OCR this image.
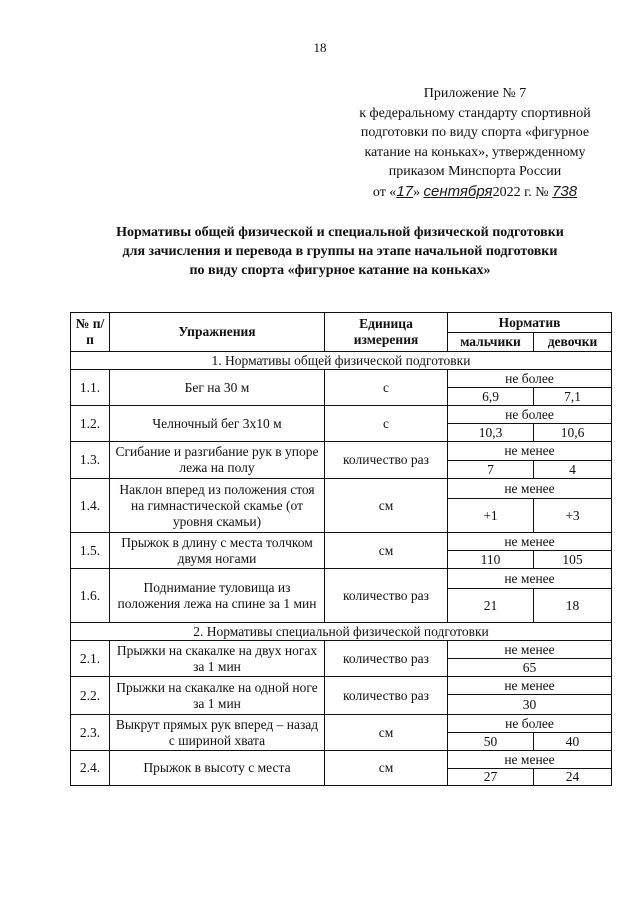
18
Приложение № 7
к федеральному стандарту спортивной
подготовки по виду спорта «фигурное
катание на коньках», утвержденному
приказом Минспорта России
от «17» сентября2022 г. № 738
Нормативы общей физической и специальной физической подготовки
для зачисления и перевода в группы на этапе начальной подготовки
по виду спорта «фигурное катание на коньках»
№ п/п	Упражнения	Единица измерения	Норматив	
			мальчики	девочки
1. Нормативы общей физической подготовки				
1.1.	Бег на 30 м	с	не более	
			6,9	7,1
1.2.	Челночный бег 3х10 м	с	не более	
			10,3	10,6
1.3.	Сгибание и разгибание рук в упоре лежа на полу	количество раз	не менее	
			7	4
1.4.	Наклон вперед из положения стоя на гимнастической скамье (от уровня скамьи)	см	не менее	
			+1	+3
1.5.	Прыжок в длину с места толчком двумя ногами	см	не менее	
			110	105
1.6.	Поднимание туловища из положения лежа на спине за 1 мин	количество раз	не менее	
			21	18
2. Нормативы специальной физической подготовки				
2.1.	Прыжки на скакалке на двух ногах за 1 мин	количество раз	не менее	
			65	
2.2.	Прыжки на скакалке на одной ноге за 1 мин	количество раз	не менее	
			30	
2.3.	Выкрут прямых рук вперед – назад с шириной хвата	см	не более	
			50	40
2.4.	Прыжок в высоту с места	см	не менее	
			27	24
